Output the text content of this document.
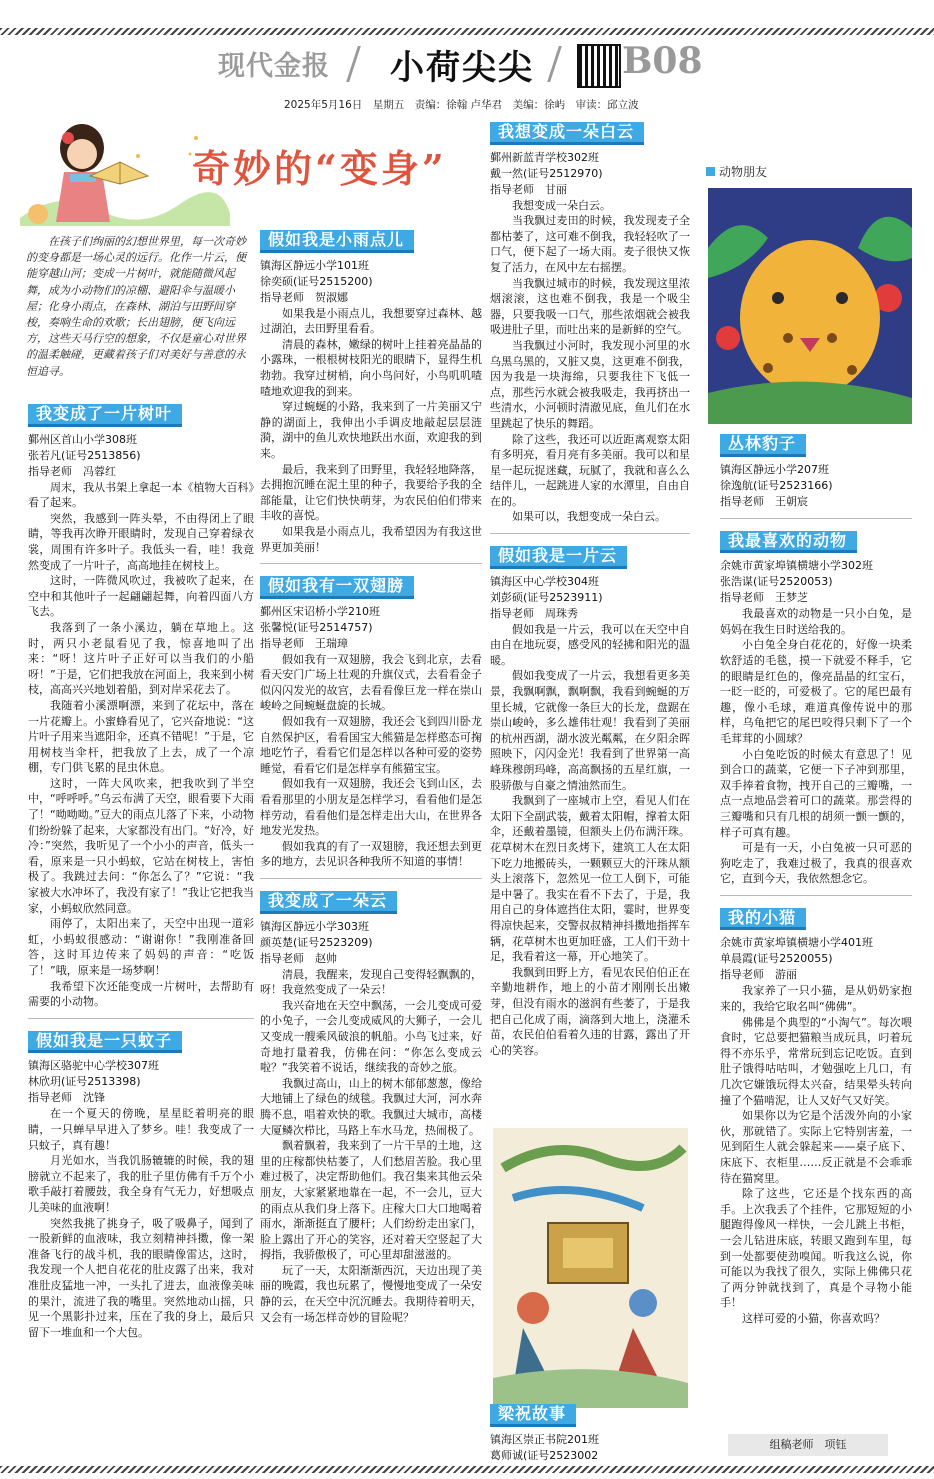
现代金报 小荷尖尖 B08
2025年5月16日　星期五　责编：徐翰 卢华君　美编：徐屿　审读：邱立波
奇妙的“变身”
在孩子们绚丽的幻想世界里，每一次奇妙的变身都是一场心灵的远行。化作一片云，便能穿越山河；变成一片树叶，就能随微风起舞，成为小动物们的凉棚、避阳伞与温暖小屋；化身小雨点，在森林、湖泊与田野间穿梭，奏响生命的欢歌；长出翅膀，便飞向远方，这些天马行空的想象，不仅是童心对世界的温柔触碰，更藏着孩子们对美好与善意的永恒追寻。
我变成了一片树叶

鄞州区首山小学308班

张若凡(证号2513856)

指导老师　冯蓉红

周末，我从书架上拿起一本《植物大百科》看了起来。

突然，我感到一阵头晕，不由得闭上了眼睛，等我再次睁开眼睛时，发现自己穿着绿衣裳，周围有许多叶子。我低头一看，哇！我竟然变成了一片叶子，高高地挂在树枝上。

这时，一阵微风吹过，我被吹了起来，在空中和其他叶子一起翩翩起舞，向着四面八方飞去。

我落到了一条小溪边，躺在草地上。这时，两只小老鼠看见了我，惊喜地叫了出来：“呀！这片叶子正好可以当我们的小船呀！”于是，它们把我放在河面上，我来到小树枝，高高兴兴地划着船，到对岸采花去了。

我随着小溪漂啊漂，来到了花坛中，落在一片花瓣上。小蜜蜂看见了，它兴奋地说：“这片叶子用来当遮阳伞，还真不错呢！”于是，它用树枝当伞杆，把我放了上去，成了一个凉棚，专门供飞累的昆虫休息。

这时，一阵大风吹来，把我吹到了半空中，“呼呼呼。”乌云布满了天空，眼看要下大雨了！“呦呦呦。”豆大的雨点儿落了下来，小动物们纷纷躲了起来，大家都没有出门。“好冷，好冷：”突然，我听见了一个小小的声音，低头一看，原来是一只小蚂蚁，它站在树枝上，害怕极了。我跳过去问：“你怎么了？”它说：“我家被大水冲坏了，我没有家了！”我让它把我当家，小蚂蚁欣然同意。

雨停了，太阳出来了，天空中出现一道彩虹，小蚂蚁很感动：“谢谢你！”我刚准备回答，这时耳边传来了妈妈的声音：“吃饭了！”哦，原来是一场梦啊！

我希望下次还能变成一片树叶，去帮助有需要的小动物。

假如我是一只蚊子

镇海区骆驼中心学校307班

林欣玥(证号2513398)

指导老师　沈锋

在一个夏天的傍晚，星星眨着明亮的眼睛，一只蝉早早进入了梦乡。哇！我变成了一只蚊子，真有趣！

月光如水，当我饥肠辘辘的时候，我的翅膀就立不起来了，我的肚子里仿佛有千万个小歌手敲打着腰鼓，我全身有气无力，好想吸点儿美味的血液啊！

突然我挑了挑身子，吸了吸鼻子，闻到了一股新鲜的血液味，我立刻精神抖擞，像一架准备飞行的战斗机，我的眼睛像雷达，这时，我发现一个人把自花花的肚皮露了出来，我对准肚皮猛地一冲，一头扎了进去，血液像美味的果汁，流进了我的嘴里。突然地动山摇，只见一个黑影扑过来，压在了我的身上，最后只留下一堆血和一个大包。

假如我是小雨点儿

镇海区静远小学101班

徐奕硕(证号2515200)

指导老师　贺淑娜

如果我是小雨点儿，我想要穿过森林、越过湖泊，去田野里看看。

清晨的森林，嫩绿的树叶上挂着亮晶晶的小露珠，一根根树枝阳光的眼睛下，显得生机勃勃。我穿过树梢，向小鸟问好，小鸟叽叽喳喳地欢迎我的到来。

穿过蜿蜒的小路，我来到了一片美丽又宁静的湖面上，我伸出小手调皮地敲起层层涟漪，湖中的鱼儿欢快地跃出水面，欢迎我的到来。

最后，我来到了田野里，我轻轻地降落，去拥抱沉睡在泥土里的种子，我要给予我的全部能量，让它们快快萌芽，为农民伯伯们带来丰收的喜悦。

如果我是小雨点儿，我希望因为有我这世界更加美丽！

假如我有一双翅膀

鄞州区宋诏桥小学210班

张馨悦(证号2514757)

指导老师　王瑞璋

假如我有一双翅膀，我会飞到北京，去看看天安门广场上壮观的升旗仪式，去看看金子似闪闪发光的故宫，去看看像巨龙一样在崇山峻岭之间蜿蜒盘旋的长城。

假如我有一双翅膀，我还会飞到四川卧龙自然保护区，看看国宝大熊猫是怎样憨态可掬地吃竹子，看看它们是怎样以各种可爱的姿势睡觉，看看它们是怎样享有熊猫宝宝。

假如我有一双翅膀，我还会飞到山区，去看看那里的小朋友是怎样学习，看看他们是怎样劳动，看看他们是怎样走出大山，在世界各地发光发热。

假如我真的有了一双翅膀，我还想去到更多的地方，去见识各种我所不知道的事情！

我变成了一朵云

镇海区静远小学303班

颜英楚(证号2523209)

指导老师　赵帅

清晨，我醒来，发现自己变得轻飘飘的，呀！我竟然变成了一朵云！

我兴奋地在天空中飘荡，一会儿变成可爱的小兔子，一会儿变成威风的大狮子，一会儿又变成一艘乘风破浪的帆船。小鸟飞过来，好奇地打量着我，仿佛在问：“你怎么变成云啦？”我笑着不说话，继续我的奇妙之旅。

我飘过高山，山上的树木郁郁葱葱，像给大地铺上了绿色的绒毯。我飘过大河，河水奔腾不息，唱着欢快的歌。我飘过大城市，高楼大厦鳞次栉比，马路上车水马龙，热闹极了。

飘着飘着，我来到了一片干旱的土地，这里的庄稼都快枯萎了，人们愁眉苦脸。我心里难过极了，决定帮助他们。我召集来其他云朵朋友，大家紧紧地靠在一起，不一会儿，豆大的雨点从我们身上落下。庄稼大口大口地喝着雨水，渐渐挺直了腰杆；人们纷纷走出家门，脸上露出了开心的笑容，还对着天空竖起了大拇指，我骄傲极了，可心里却甜滋滋的。

玩了一天，太阳渐渐西沉，天边出现了美丽的晚霞，我也玩累了，慢慢地变成了一朵安静的云，在天空中沉沉睡去。我期待着明天，又会有一场怎样奇妙的冒险呢？

我想变成一朵白云

鄞州新蓝青学校302班

戴一然(证号2512970)

指导老师　甘丽

我想变成一朵白云。

当我飘过麦田的时候，我发现麦子全都枯萎了，这可难不倒我，我轻轻吹了一口气，便下起了一场大雨。麦子很快又恢复了活力，在风中左右摇摆。

当我飘过城市的时候，我发现这里浓烟滚滚，这也难不倒我，我是一个吸尘器，只要我吸一口气，那些浓烟就会被我吸进肚子里，而吐出来的是新鲜的空气。

当我飘过小河时，我发现小河里的水乌黑乌黑的，又脏又臭，这更难不倒我，因为我是一块海绵，只要我往下飞低一点，那些污水就会被我吸走，我再挤出一些清水，小河顿时清澈见底，鱼儿们在水里跳起了快乐的舞蹈。

除了这些，我还可以近距离观察太阳有多明亮，看月亮有多美丽。我可以和星星一起玩捉迷藏，玩腻了，我就和喜么么结伴儿，一起跳进人家的水潭里，自由自在的。

如果可以，我想变成一朵白云。

假如我是一片云

镇海区中心学校304班

刘彭硕(证号2523911)

指导老师　周珠秀

假如我是一片云，我可以在天空中自由自在地玩耍，感受风的轻拂和阳光的温暖。

假如我变成了一片云，我想看更多美景，我飘啊飘，飘啊飘，我看到蜿蜒的万里长城，它就像一条巨大的长龙，盘踞在崇山峻岭，多么雄伟壮观！我看到了美丽的杭州西湖，湖水波光粼粼，在夕阳余晖照映下，闪闪金光！我看到了世界第一高峰珠穆朗玛峰，高高飘扬的五星红旗，一股骄傲与自豪之情油然而生。

我飘到了一座城市上空，看见人们在太阳下全副武装，戴着太阳帽，撑着太阳伞，还戴着墨镜，但额头上仍布满汗珠。花草树木在烈日炙烤下，建筑工人在太阳下吃力地搬砖头，一颗颗豆大的汗珠从额头上滚落下，忽然见一位工人倒下，可能是中暑了。我实在看不下去了，于是，我用自己的身体遮挡住太阳，霎时，世界变得凉快起来，交警叔叔精神抖擞地指挥车辆，花草树木也更加旺盛，工人们干劲十足，我看着这一幕，开心地笑了。

我飘到田野上方，看见农民伯伯正在辛勤地耕作，地上的小苗才刚刚长出嫩芽，但没有雨水的滋润有些萎了，于是我把自己化成了雨，滴落到大地上，浇灌禾苗，农民伯伯看着久违的甘露，露出了开心的笑容。

梁祝故事

镇海区崇正书院201班

葛师诚(证号2523002

动物朋友
丛林豹子

镇海区静远小学207班

徐逸航(证号2523166)

指导老师　王朝宸

我最喜欢的动物

余姚市黄家埠镇横塘小学302班

张浩谋(证号2520053)

指导老师　王梦芝

我最喜欢的动物是一只小白兔，是妈妈在我生日时送给我的。

小白兔全身白花花的，好像一块柔软舒适的毛毯，摸一下就爱不释手，它的眼睛是红色的，像亮晶晶的红宝石，一眨一眨的，可爱极了。它的尾巴最有趣，像小毛球，难道真像传说中的那样，乌龟把它的尾巴咬得只剩下了一个毛茸茸的小圆球？

小白兔吃饭的时候太有意思了！见到合口的蔬菜，它便一下子冲到那里，双手捧着食物，拽开自己的三瓣嘴，一点一点地品尝着可口的蔬菜。那尝得的三瓣嘴和只有几根的胡须一颤一颤的，样子可真有趣。

可是有一天，小白兔被一只可恶的狗吃走了，我难过极了，我真的很喜欢它，直到今天，我依然想念它。

我的小猫

余姚市黄家埠镇横塘小学401班

单晨霞(证号2520055)

指导老师　游丽

我家养了一只小猫，是从奶奶家抱来的，我给它取名叫“佛佛”。

佛佛是个典型的“小淘气”。每次喂食时，它总要把猫粮当成玩具，叼着玩得不亦乐乎，常常玩到忘记吃饭。直到肚子饿得咕咕叫，才勉强吃上几口，有几次它嫌饿玩得太兴奋，结果晕头转向撞了个猫啃泥，让人又好气又好笑。

如果你以为它是个活泼外向的小家伙，那就错了。实际上它特别害羞，一见到陌生人就会躲起来——桌子底下、床底下、衣柜里……反正就是不会乖乖待在猫窝里。

除了这些，它还是个找东西的高手。上次我丢了个挂件，它那短短的小腿跑得像风一样快，一会儿跳上书柜，一会儿钻进床底，转眼又跑到车里，每到一处都要使劲嗅闻。听我这么说，你可能以为我找了很久，实际上佛佛只花了两分钟就找到了，真是个寻物小能手！

这样可爱的小猫，你喜欢吗？

组稿老师　项钰
